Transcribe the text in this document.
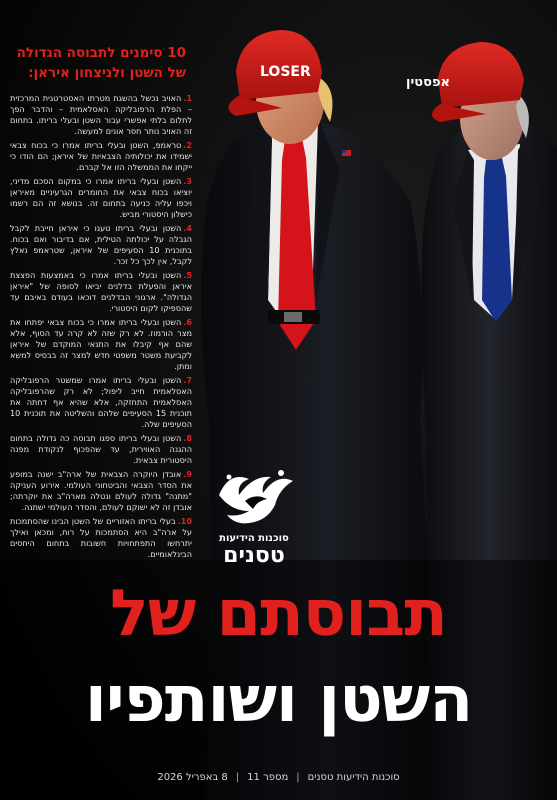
LOSER
אפסטין
10 סימנים לתבוסה הגדולה
של השטן ולניצחון איראן:
1.האויב נכשל בהשגת מטרתו האסטרטגית המרכזית – הפלת הרפובליקה האסלאמית – והדבר הפך לחלום בלתי אפשרי עבור השטן ובעלי בריתו. בתחום זה האויב נותר חסר אונים למעשה.
2.טראמפ, השטן ובעלי בריתו אמרו כי בכוח צבאי ישמידו את יכולותיה הצבאיות של איראן; הם הודו כי ייקחו את הממשלה הזו אל קברם.
3.השטן ובעלי בריתו אמרו כי במקום הסכם מדיני, יוציאו בכוח צבאי את החומרים הגרעיניים מאיראן ויכפו עליה כניעה בתחום זה. בנושא זה הם רשמו כישלון היסטורי מביש.
4.השטן ובעלי בריתו טענו כי איראן חייבת לקבל הגבלה על יכולתה הטילית, אם בדיבור ואם בכוח. בתוכנית 10 הסעיפים של איראן, שטראמפ נאלץ לקבל, אין לכך כל זכר.
5.השטן ובעלי בריתו אמרו כי באמצעות הפצצת איראן והפעלת בדלנים יביאו לסופה של "איראן הגדולה". ארגוני הבדלנים דוכאו בעודם באיבם עד שהספיקו לקום היסטורי.
6.השטן ובעלי בריתו אמרו כי בכוח צבאי יפתחו את מצר הורמוז. לא רק שזה לא קרה עד הסוף, אלא שהם אף קיבלו את התנאי המוקדם של איראן לקביעת משטר משפטי חדש למצר זה בבסיס למשא ומתן.
7.השטן ובעלי בריתו אמרו שמשטר הרפובליקה האסלאמית חייב ליפול; לא רק שהרפובליקה האסלאמית התחזקה, אלא שהיא אף דחתה את תוכנית 15 הסעיפים שלהם והשליטה את תוכנית 10 הסעיפים שלה.
8.השטן ובעלי בריתו ספגו תבוסה כה גדולה בתחום ההגנה האווירית, עד שהפכוף לנקודת מפנה היסטורית צבאית.
9.אובדן היוקרה הצבאית של ארה"ב ישנה במופע את הסדר הצבאי והביטחוני העולמי. אירוע העניקה "מתנה" גדולה לעולם ונטלה מארה"ב את יוקרתה; אובדן זה לא ישוקם לעולם, והסדר העולמי ישתנה.
10.בעלי בריתו האזוריים של השטן הבינו שהסתמכות על ארה"ב היא הסתמכות על רוח, ומכאן ואילך יתרחשו התפתחויות חשובות בתחום היחסים הבינלאומיים.
סוכנות הידיעות
טסנים
תבוסתם של
השטן ושותפיו
סוכנות הידיעות טסנים|מספר 11|8 באפריל 2026
